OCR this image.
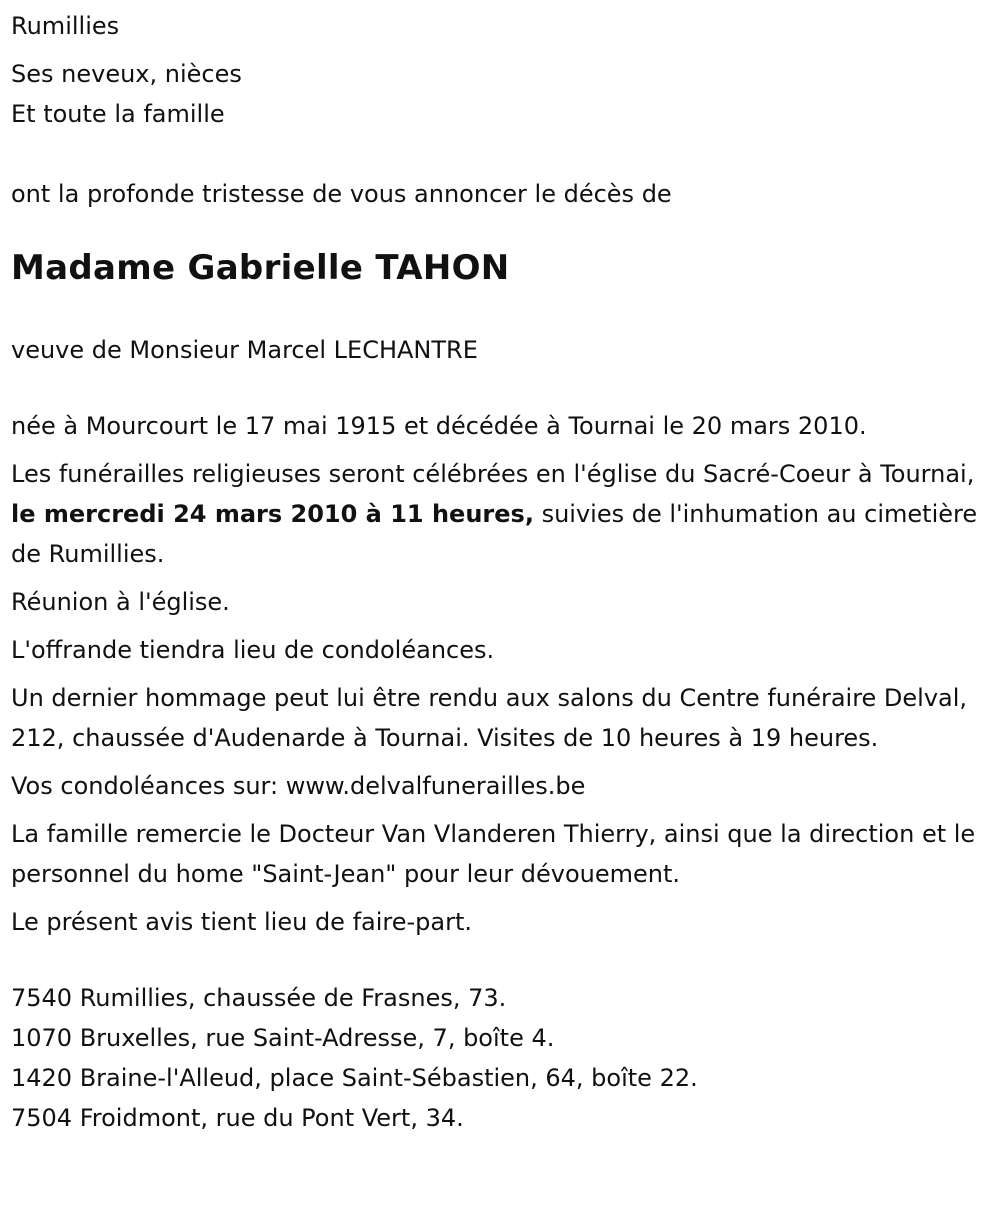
Rumillies

Ses neveux, nièces

Et toute la famille

ont la profonde tristesse de vous annoncer le décès de

Madame Gabrielle TAHON

veuve de Monsieur Marcel LECHANTRE

née à Mourcourt le 17 mai 1915 et décédée à Tournai le 20 mars 2010.

Les funérailles religieuses seront célébrées en l'église du Sacré-Coeur à Tournai, le mercredi 24 mars 2010 à 11 heures, suivies de l'inhumation au cimetière de Rumillies.

Réunion à l'église.

L'offrande tiendra lieu de condoléances.

Un dernier hommage peut lui être rendu aux salons du Centre funéraire Delval, 212, chaussée d'Audenarde à Tournai. Visites de 10 heures à 19 heures.

Vos condoléances sur: www.delvalfunerailles.be

La famille remercie le Docteur Van Vlanderen Thierry, ainsi que la direction et le personnel du home "Saint-Jean" pour leur dévouement.

Le présent avis tient lieu de faire-part.

7540 Rumillies, chaussée de Frasnes, 73.

1070 Bruxelles, rue Saint-Adresse, 7, boîte 4.

1420 Braine-l'Alleud, place Saint-Sébastien, 64, boîte 22.

7504 Froidmont, rue du Pont Vert, 34.
